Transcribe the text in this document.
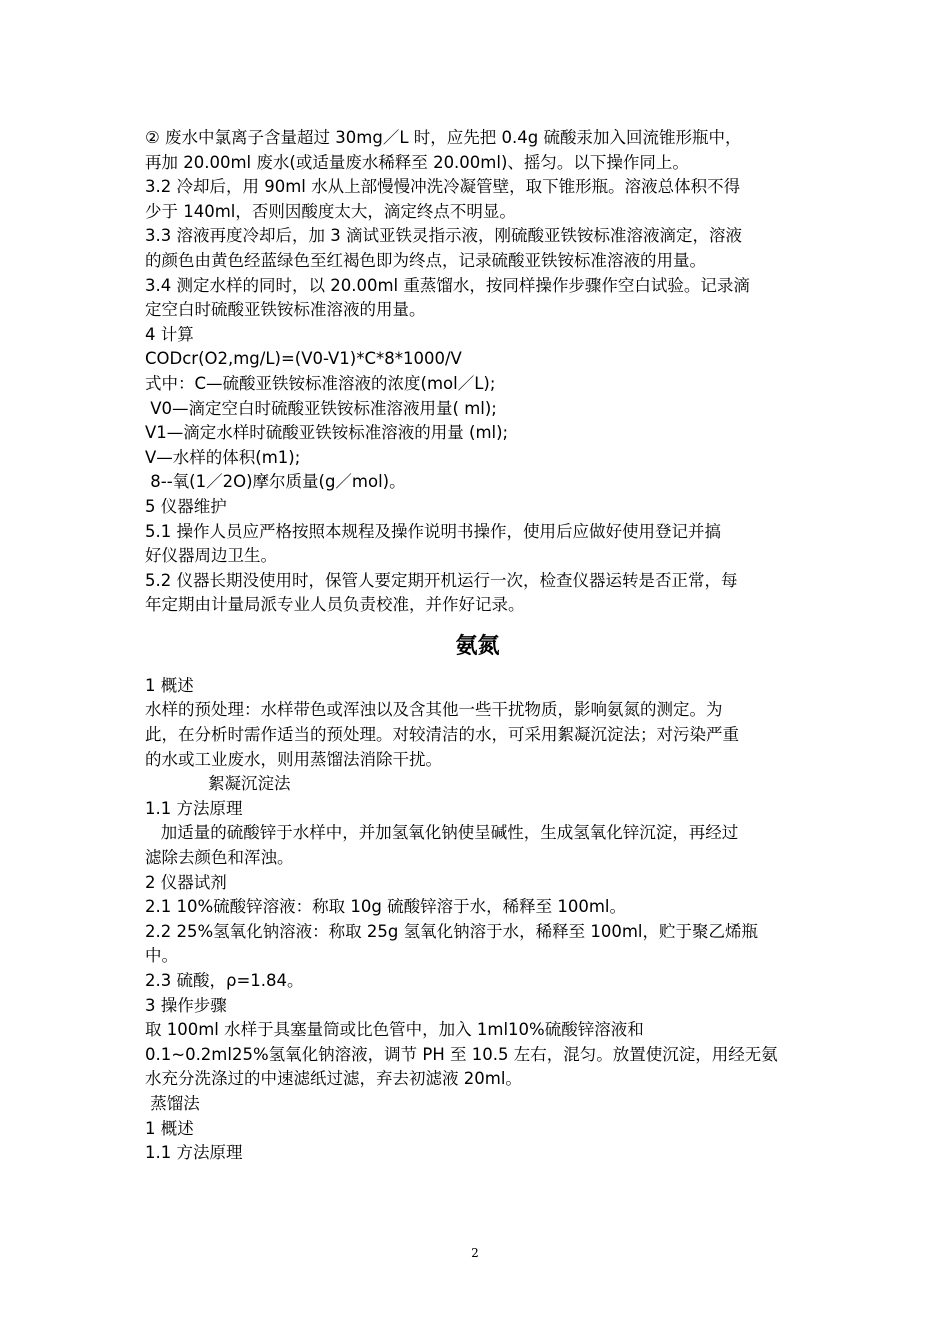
② 废水中氯离子含量超过 30mg／L 时，应先把 0.4g 硫酸汞加入回流锥形瓶中，
再加 20.00ml 废水(或适量废水稀释至 20.00ml)、摇匀。以下操作同上。
3.2 冷却后，用 90ml 水从上部慢慢冲洗冷凝管壁，取下锥形瓶。溶液总体积不得
少于 140ml，否则因酸度太大，滴定终点不明显。
3.3 溶液再度冷却后，加 3 滴试亚铁灵指示液，刚硫酸亚铁铵标准溶液滴定，溶液
的颜色由黄色经蓝绿色至红褐色即为终点，记录硫酸亚铁铵标准溶液的用量。
3.4 测定水样的同时，以 20.00ml 重蒸馏水，按同样操作步骤作空白试验。记录滴
定空白时硫酸亚铁铵标准溶液的用量。
4 计算
CODcr(O2,mg/L)=(V0-V1)*C*8*1000/V
式中：C—硫酸亚铁铵标准溶液的浓度(mol／L);
V0—滴定空白时硫酸亚铁铵标准溶液用量( ml);
V1—滴定水样时硫酸亚铁铵标准溶液的用量 (ml);
V—水样的体积(m1);
8--氧(1／2O)摩尔质量(g／mol)。
5 仪器维护
5.1 操作人员应严格按照本规程及操作说明书操作，使用后应做好使用登记并搞
好仪器周边卫生。
5.2 仪器长期没使用时，保管人要定期开机运行一次，检查仪器运转是否正常，每
年定期由计量局派专业人员负责校准，并作好记录。
氨氮
1 概述
水样的预处理：水样带色或浑浊以及含其他一些干扰物质，影响氨氮的测定。为
此，在分析时需作适当的预处理。对较清洁的水，可采用絮凝沉淀法；对污染严重
的水或工业废水，则用蒸馏法消除干扰。
絮凝沉淀法
1.1 方法原理
加适量的硫酸锌于水样中，并加氢氧化钠使呈碱性，生成氢氧化锌沉淀，再经过
滤除去颜色和浑浊。
2 仪器试剂
2.1 10%硫酸锌溶液：称取 10g 硫酸锌溶于水，稀释至 100ml。
2.2 25%氢氧化钠溶液：称取 25g 氢氧化钠溶于水，稀释至 100ml，贮于聚乙烯瓶
中。
2.3 硫酸，ρ=1.84。
3 操作步骤
取 100ml 水样于具塞量筒或比色管中，加入 1ml10%硫酸锌溶液和
0.1~0.2ml25%氢氧化钠溶液，调节 PH 至 10.5 左右，混匀。放置使沉淀，用经无氨
水充分洗涤过的中速滤纸过滤，弃去初滤液 20ml。
蒸馏法
1 概述
1.1 方法原理
2
